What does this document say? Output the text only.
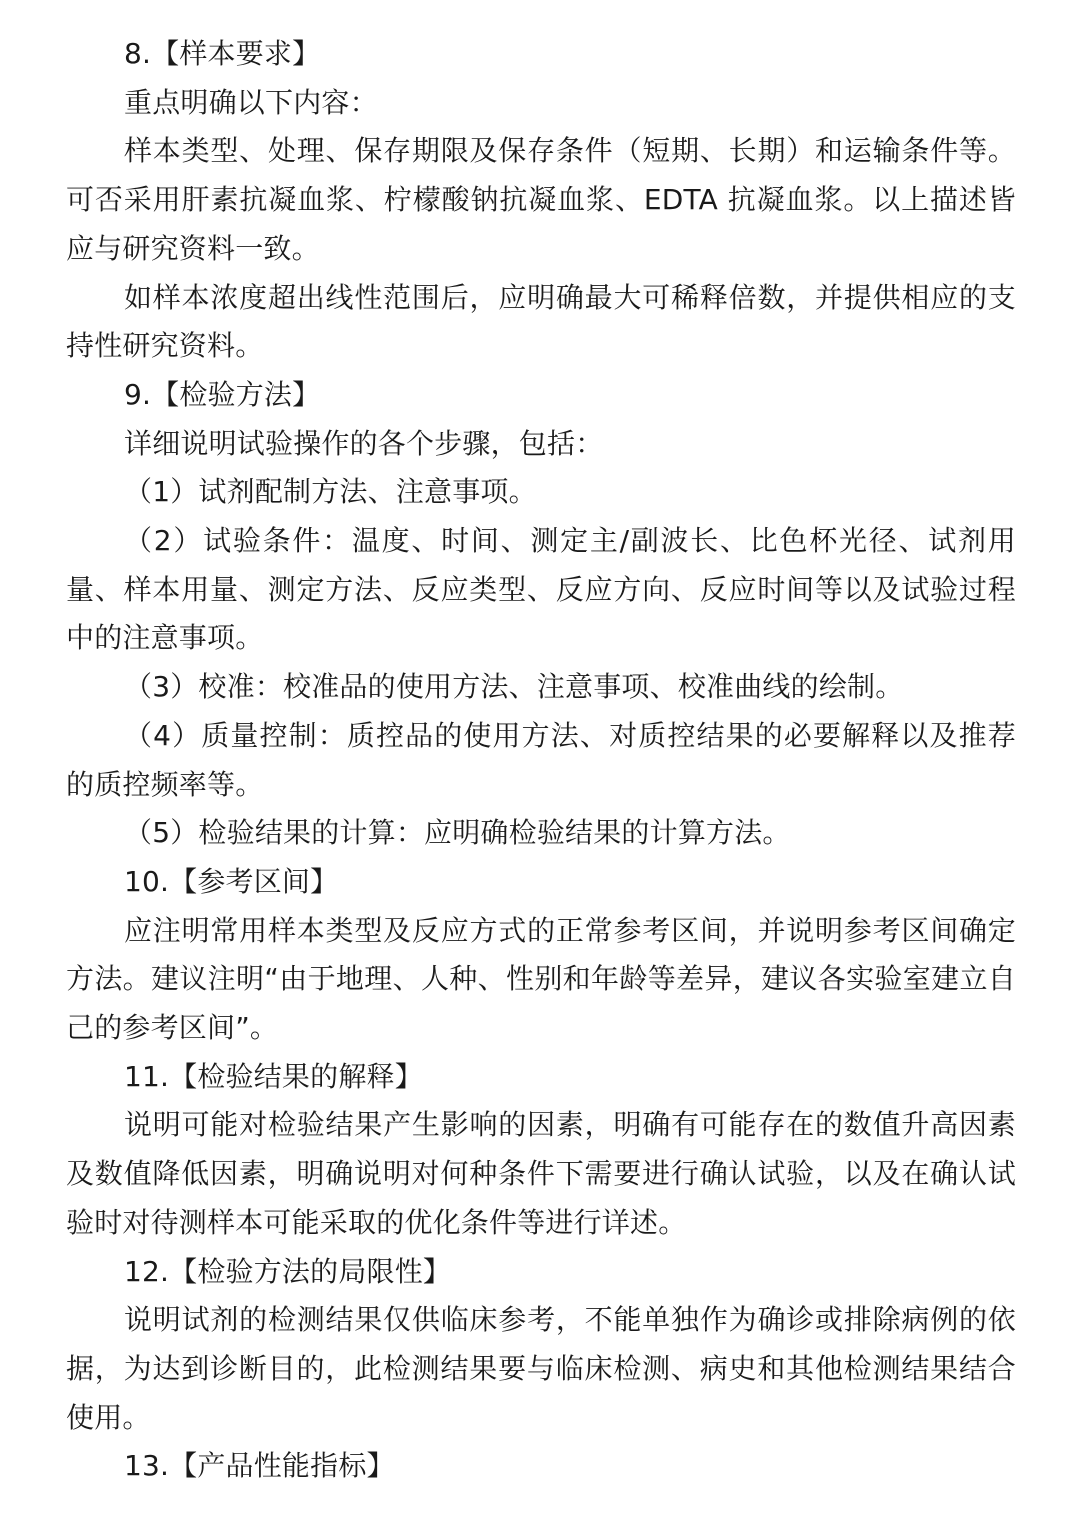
8.【样本要求】

重点明确以下内容：

样本类型、处理、保存期限及保存条件（短期、长期）和运输条件等。可否采用肝素抗凝血浆、柠檬酸钠抗凝血浆、EDTA 抗凝血浆。以上描述皆应与研究资料一致。

如样本浓度超出线性范围后，应明确最大可稀释倍数，并提供相应的支持性研究资料。

9.【检验方法】

详细说明试验操作的各个步骤，包括：

（1）试剂配制方法、注意事项。

（2）试验条件：温度、时间、测定主/副波长、比色杯光径、试剂用量、样本用量、测定方法、反应类型、反应方向、反应时间等以及试验过程中的注意事项。

（3）校准：校准品的使用方法、注意事项、校准曲线的绘制。

（4）质量控制：质控品的使用方法、对质控结果的必要解释以及推荐的质控频率等。

（5）检验结果的计算：应明确检验结果的计算方法。

10.【参考区间】

应注明常用样本类型及反应方式的正常参考区间，并说明参考区间确定方法。建议注明“由于地理、人种、性别和年龄等差异，建议各实验室建立自己的参考区间”。

11.【检验结果的解释】

说明可能对检验结果产生影响的因素，明确有可能存在的数值升高因素及数值降低因素，明确说明对何种条件下需要进行确认试验，以及在确认试验时对待测样本可能采取的优化条件等进行详述。

12.【检验方法的局限性】

说明试剂的检测结果仅供临床参考，不能单独作为确诊或排除病例的依据，为达到诊断目的，此检测结果要与临床检测、病史和其他检测结果结合使用。

13.【产品性能指标】
